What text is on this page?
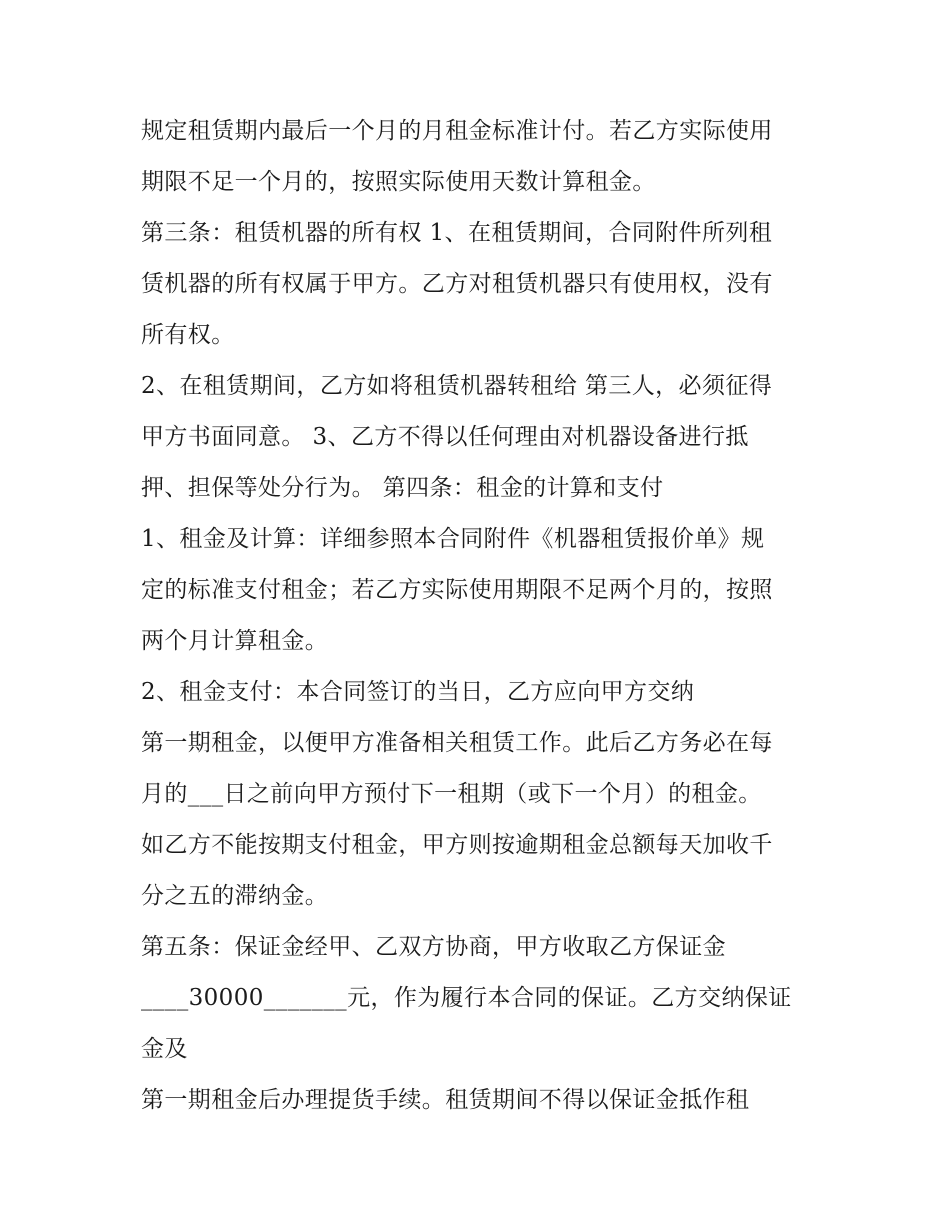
规定租赁期内最后一个月的月租金标准计付。若乙方实际使用
期限不足一个月的，按照实际使用天数计算租金。
第三条：租赁机器的所有权 1、在租赁期间，合同附件所列租
赁机器的所有权属于甲方。乙方对租赁机器只有使用权，没有
所有权。
2、在租赁期间，乙方如将租赁机器转租给 第三人，必须征得
甲方书面同意。 3、乙方不得以任何理由对机器设备进行抵
押、担保等处分行为。 第四条：租金的计算和支付
1、租金及计算：详细参照本合同附件《机器租赁报价单》规
定的标准支付租金；若乙方实际使用期限不足两个月的，按照
两个月计算租金。
2、租金支付：本合同签订的当日，乙方应向甲方交纳
第一期租金，以便甲方准备相关租赁工作。此后乙方务必在每
月的___日之前向甲方预付下一租期（或下一个月）的租金。
如乙方不能按期支付租金，甲方则按逾期租金总额每天加收千
分之五的滞纳金。
第五条：保证金经甲、乙双方协商，甲方收取乙方保证金
____30000_______元，作为履行本合同的保证。乙方交纳保证
金及
第一期租金后办理提货手续。租赁期间不得以保证金抵作租
